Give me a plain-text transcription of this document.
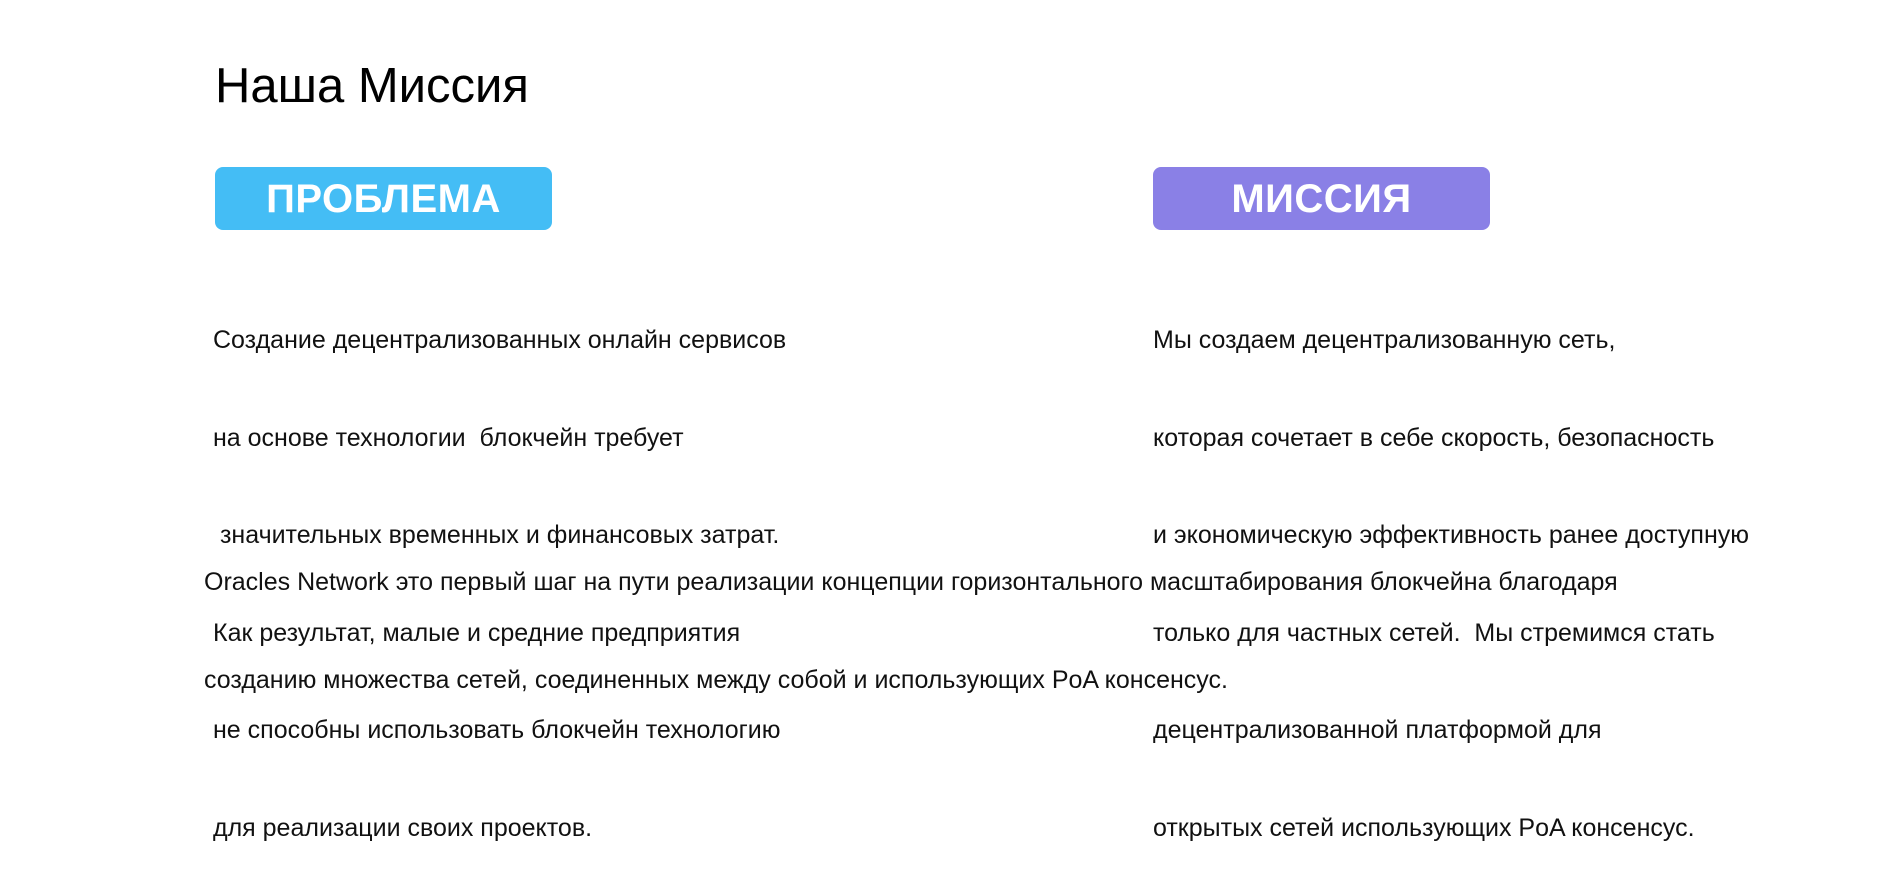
Наша Миссия
ПРОБЛЕМА	МИССИЯ

Создание децентрализованных онлайн сервисов

на основе технологии  блокчейн требует

значительных временных и финансовых затрат.

Как результат, малые и средние предприятия

не способны использовать блокчейн технологию

для реализации своих проектов.

Мы создаем децентрализованную сеть,

которая сочетает в себе скорость, безопасность

и экономическую эффективность ранее доступную

только для частных сетей.  Мы стремимся стать

децентрализованной платформой для

открытых сетей использующих PoA консенсус.

Oracles Network это первый шаг на пути реализации концепции горизонтального масштабирования блокчейна благодаря

созданию множества сетей, соединенных между собой и использующих PoA консенсус.
